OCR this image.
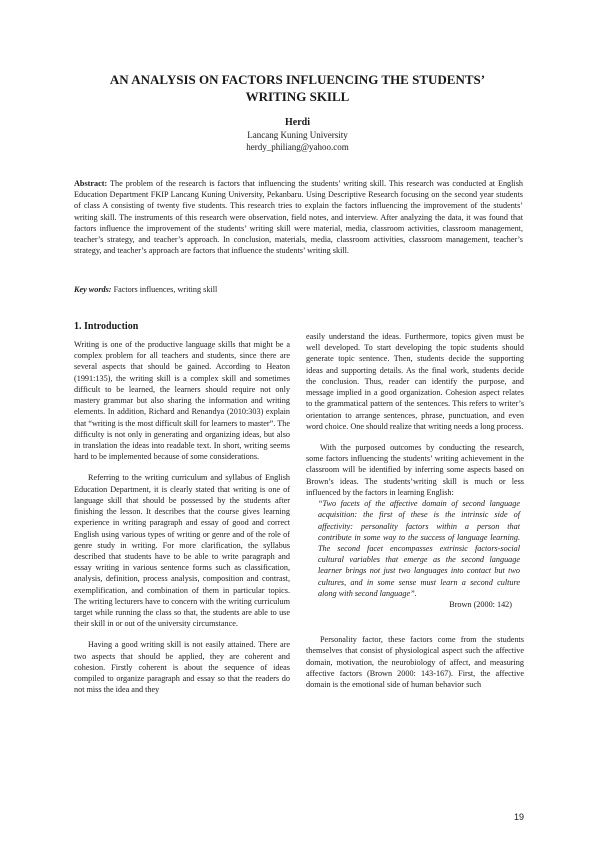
AN ANALYSIS ON FACTORS INFLUENCING THE STUDENTS’
WRITING SKILL
Herdi
Lancang Kuning University
herdy_philiang@yahoo.com
Abstract: The problem of the research is factors that influencing the students’ writing skill. This research was conducted at English Education Department FKIP Lancang Kuning University, Pekanbaru. Using Descriptive Research focusing on the second year students of class A consisting of twenty five students. This research tries to explain the factors influencing the improvement of the students’ writing skill. The instruments of this research were observation, field notes, and interview. After analyzing the data, it was found that factors influence the improvement of the students’ writing skill were material, media, classroom activities, classroom management, teacher’s strategy, and teacher’s approach. In conclusion, materials, media, classroom activities, classroom management, teacher’s strategy, and teacher’s approach are factors that influence the students’ writing skill.
Key words: Factors influences, writing skill
1. Introduction

Writing is one of the productive language skills that might be a complex problem for all teachers and students, since there are several aspects that should be gained. According to Heaton (1991:135), the writing skill is a complex skill and sometimes difficult to be learned, the learners should require not only mastery grammar but also sharing the information and writing elements. In addition, Richard and Renandya (2010:303) explain that “writing is the most difficult skill for learners to master”. The difficulty is not only in generating and organizing ideas, but also in translation the ideas into readable text. In short, writing seems hard to be implemented because of some considerations.

Referring to the writing curriculum and syllabus of English Education Department, it is clearly stated that writing is one of language skill that should be possessed by the students after finishing the lesson. It describes that the course gives learning experience in writing paragraph and essay of good and correct English using various types of writing or genre and of the role of genre study in writing. For more clarification, the syllabus described that students have to be able to write paragraph and essay writing in various sentence forms such as classification, analysis, definition, process analysis, composition and contrast, exemplification, and combination of them in particular topics. The writing lecturers have to concern with the writing curriculum target while running the class so that, the students are able to use their skill in or out of the university circumstance.

Having a good writing skill is not easily attained. There are two aspects that should be applied, they are coherent and cohesion. Firstly coherent is about the sequence of ideas compiled to organize paragraph and essay so that the readers do not miss the idea and they

easily understand the ideas. Furthermore, topics given must be well developed. To start developing the topic students should generate topic sentence. Then, students decide the supporting ideas and supporting details. As the final work, students decide the conclusion. Thus, reader can identify the purpose, and message implied in a good organization. Cohesion aspect relates to the grammatical pattern of the sentences. This refers to writer’s orientation to arrange sentences, phrase, punctuation, and even word choice. One should realize that writing needs a long process.

With the purposed outcomes by conducting the research, some factors influencing the students’ writing achievement in the classroom will be identified by inferring some aspects based on Brown’s ideas. The students’writing skill is much or less influenced by the factors in learning English:

“Two facets of the affective domain of second language acquisition: the first of these is the intrinsic side of affectivity: personality factors within a person that contribute in some way to the success of language learning. The second facet encompasses extrinsic factors-social cultural variables that emerge as the second language learner brings not just two languages into contact but two cultures, and in some sense must learn a second culture along with second language”.

Brown (2000: 142)

Personality factor, these factors come from the students themselves that consist of physiological aspect such the affective domain, motivation, the neurobiology of affect, and measuring affective factors (Brown 2000: 143-167). First, the affective domain is the emotional side of human behavior such

19
